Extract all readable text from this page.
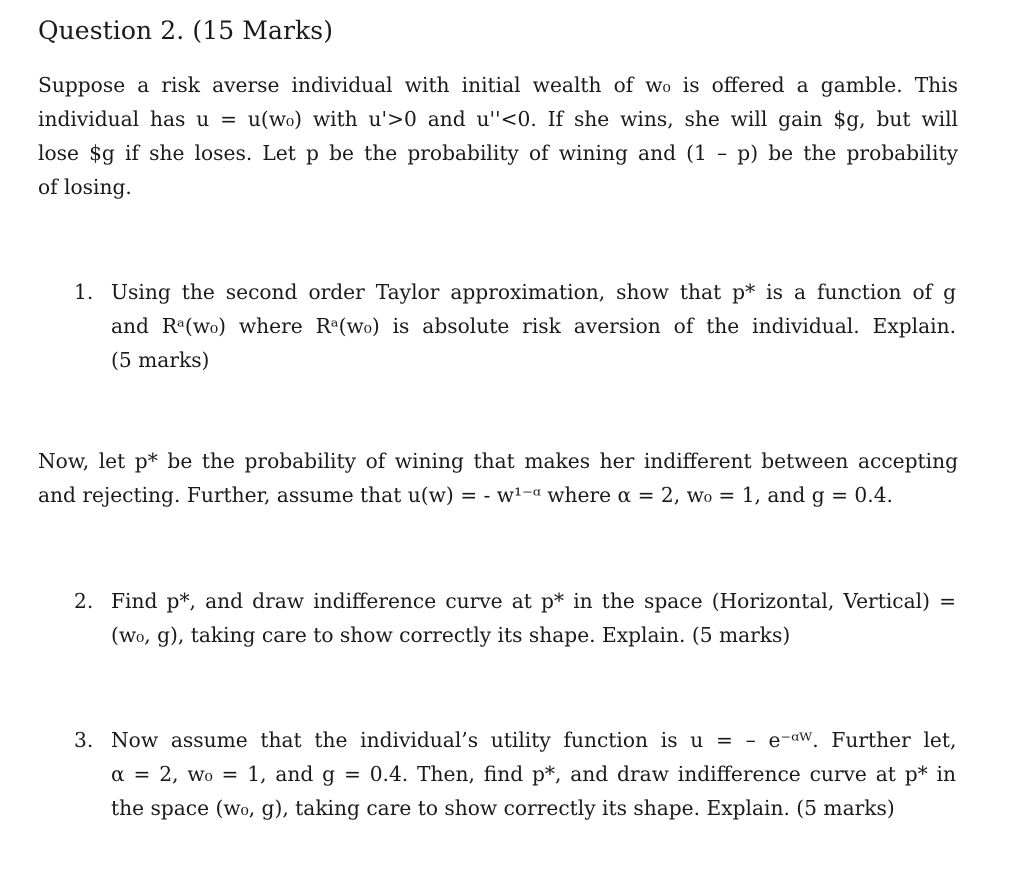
Question 2. (15 Marks)
Suppose a risk averse individual with initial wealth of w₀ is offered a gamble. This
individual has u = u(w₀) with u'>0 and u''<0. If she wins, she will gain $g, but will
lose $g if she loses. Let p be the probability of wining and (1 – p) be the probability
of losing.
1. Using the second order Taylor approximation, show that p* is a function of g
and Rᵃ(w₀) where Rᵃ(w₀) is absolute risk aversion of the individual. Explain.
(5 marks)
Now, let p* be the probability of wining that makes her indifferent between accepting
and rejecting. Further, assume that u(w) = - w¹⁻ᵅ where α = 2, w₀ = 1, and g = 0.4.
2. Find p*, and draw indifference curve at p* in the space (Horizontal, Vertical) =
(w₀, g), taking care to show correctly its shape. Explain. (5 marks)
3. Now assume that the individual’s utility function is u = – e⁻ᵅᵂ. Further let,
α = 2, w₀ = 1, and g = 0.4. Then, find p*, and draw indifference curve at p* in
the space (w₀, g), taking care to show correctly its shape. Explain. (5 marks)
